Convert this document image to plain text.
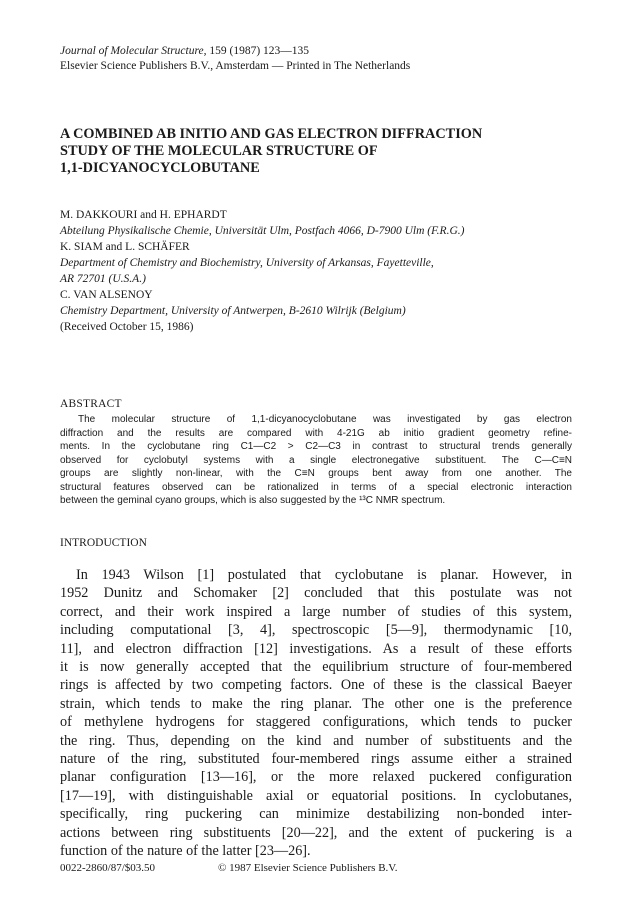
Journal of Molecular Structure, 159 (1987) 123—135
Elsevier Science Publishers B.V., Amsterdam — Printed in The Netherlands
A COMBINED AB INITIO AND GAS ELECTRON DIFFRACTION
STUDY OF THE MOLECULAR STRUCTURE OF
1,1-DICYANOCYCLOBUTANE
M. DAKKOURI and H. EPHARDT
Abteilung Physikalische Chemie, Universität Ulm, Postfach 4066, D-7900 Ulm (F.R.G.)
K. SIAM and L. SCHÄFER
Department of Chemistry and Biochemistry, University of Arkansas, Fayetteville,
AR 72701 (U.S.A.)
C. VAN ALSENOY
Chemistry Department, University of Antwerpen, B-2610 Wilrijk (Belgium)
(Received October 15, 1986)
ABSTRACT
The molecular structure of 1,1-dicyanocyclobutane was investigated by gas electron
diffraction and the results are compared with 4-21G ab initio gradient geometry refine-
ments. In the cyclobutane ring C1—C2 > C2—C3 in contrast to structural trends generally
observed for cyclobutyl systems with a single electronegative substituent. The C—C≡N
groups are slightly non-linear, with the C≡N groups bent away from one another. The
structural features observed can be rationalized in terms of a special electronic interaction
between the geminal cyano groups, which is also suggested by the ¹³C NMR spectrum.
INTRODUCTION
In 1943 Wilson [1] postulated that cyclobutane is planar. However, in
1952 Dunitz and Schomaker [2] concluded that this postulate was not
correct, and their work inspired a large number of studies of this system,
including computational [3, 4], spectroscopic [5—9], thermodynamic [10,
11], and electron diffraction [12] investigations. As a result of these efforts
it is now generally accepted that the equilibrium structure of four-membered
rings is affected by two competing factors. One of these is the classical Baeyer
strain, which tends to make the ring planar. The other one is the preference
of methylene hydrogens for staggered configurations, which tends to pucker
the ring. Thus, depending on the kind and number of substituents and the
nature of the ring, substituted four-membered rings assume either a strained
planar configuration [13—16], or the more relaxed puckered configuration
[17—19], with distinguishable axial or equatorial positions. In cyclobutanes,
specifically, ring puckering can minimize destabilizing non-bonded inter-
actions between ring substituents [20—22], and the extent of puckering is a
function of the nature of the latter [23—26].
0022-2860/87/$03.50	© 1987 Elsevier Science Publishers B.V.
